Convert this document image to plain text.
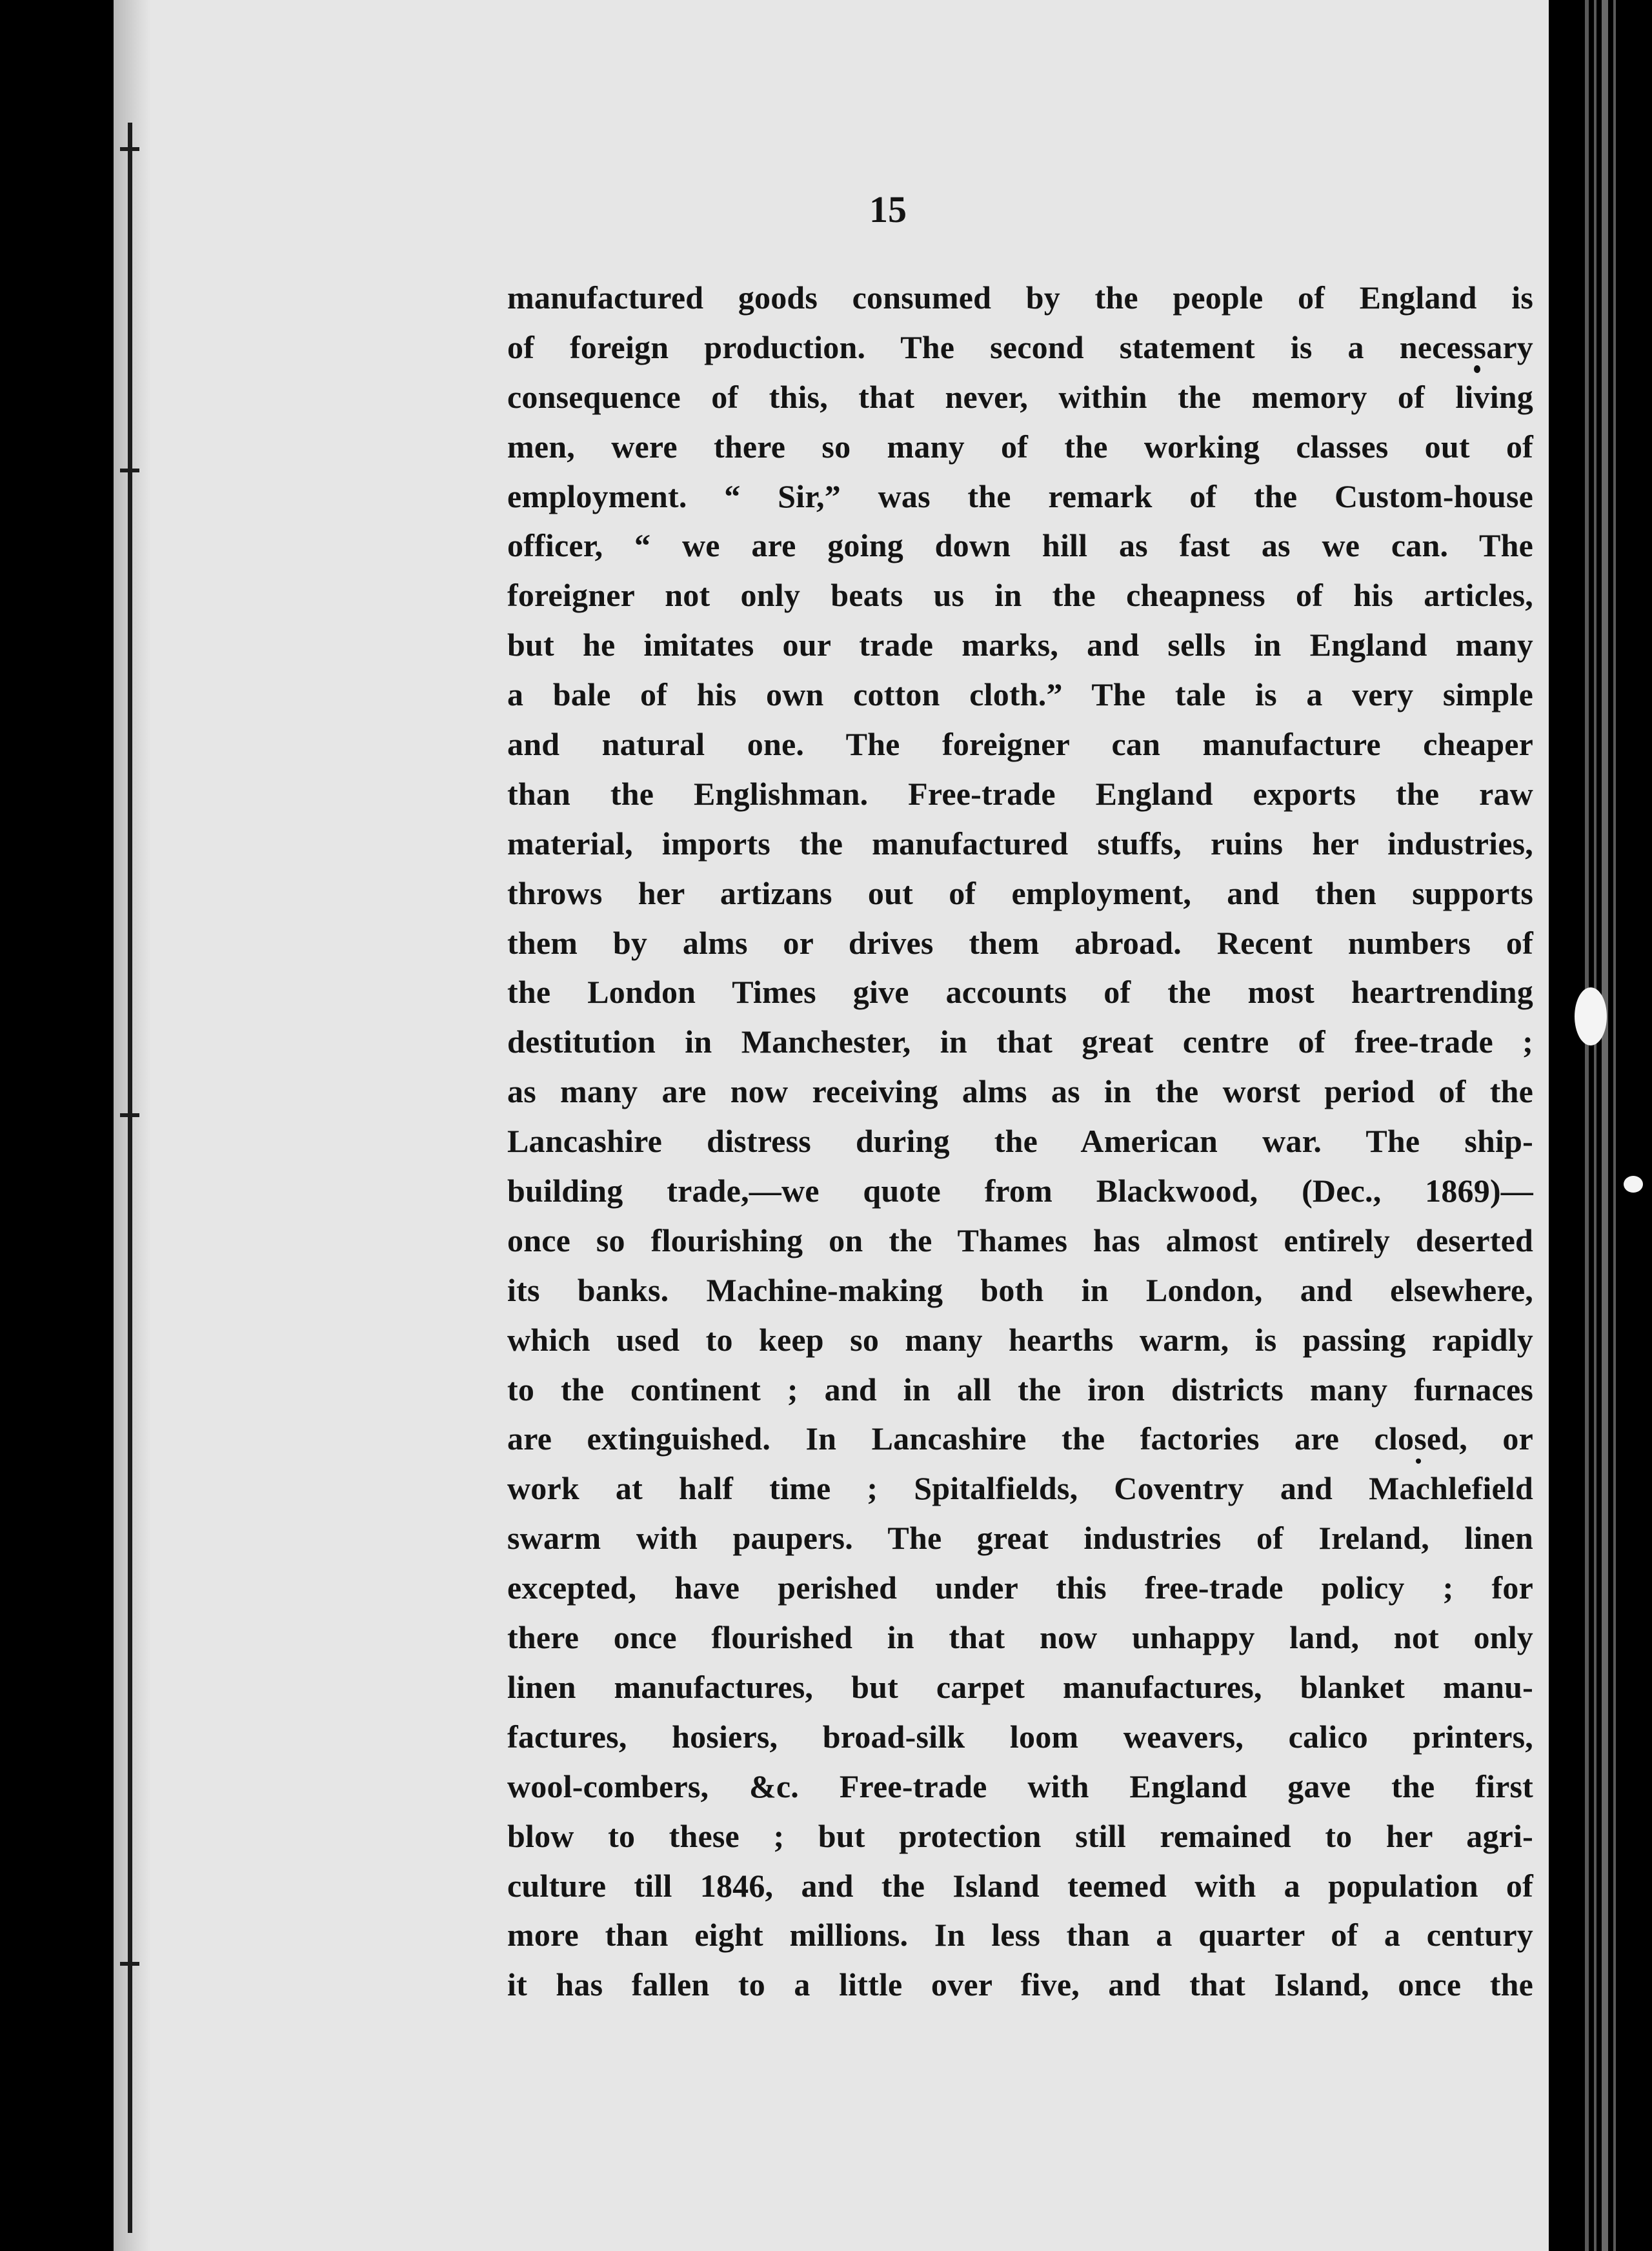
15
manufactured goods consumed by the people of England is
of foreign production. The second statement is a necessary
consequence of this, that never, within the memory of living
men, were there so many of the working classes out of
employment. “ Sir,” was the remark of the Custom-house
officer, “ we are going down hill as fast as we can. The
foreigner not only beats us in the cheapness of his articles,
but he imitates our trade marks, and sells in England many
a bale of his own cotton cloth.” The tale is a very simple
and natural one. The foreigner can manufacture cheaper
than the Englishman. Free-trade England exports the raw
material, imports the manufactured stuffs, ruins her industries,
throws her artizans out of employment, and then supports
them by alms or drives them abroad. Recent numbers of
the London Times give accounts of the most heartrending
destitution in Manchester, in that great centre of free-trade ;
as many are now receiving alms as in the worst period of the
Lancashire distress during the American war. The ship-
building trade,—we quote from Blackwood, (Dec., 1869)—
once so flourishing on the Thames has almost entirely deserted
its banks. Machine-making both in London, and elsewhere,
which used to keep so many hearths warm, is passing rapidly
to the continent ; and in all the iron districts many furnaces
are extinguished. In Lancashire the factories are closed, or
work at half time ; Spitalfields, Coventry and Machlefield
swarm with paupers. The great industries of Ireland, linen
excepted, have perished under this free-trade policy ; for
there once flourished in that now unhappy land, not only
linen manufactures, but carpet manufactures, blanket manu-
factures, hosiers, broad-silk loom weavers, calico printers,
wool-combers, &c. Free-trade with England gave the first
blow to these ; but protection still remained to her agri-
culture till 1846, and the Island teemed with a population of
more than eight millions. In less than a quarter of a century
it has fallen to a little over five, and that Island, once the
